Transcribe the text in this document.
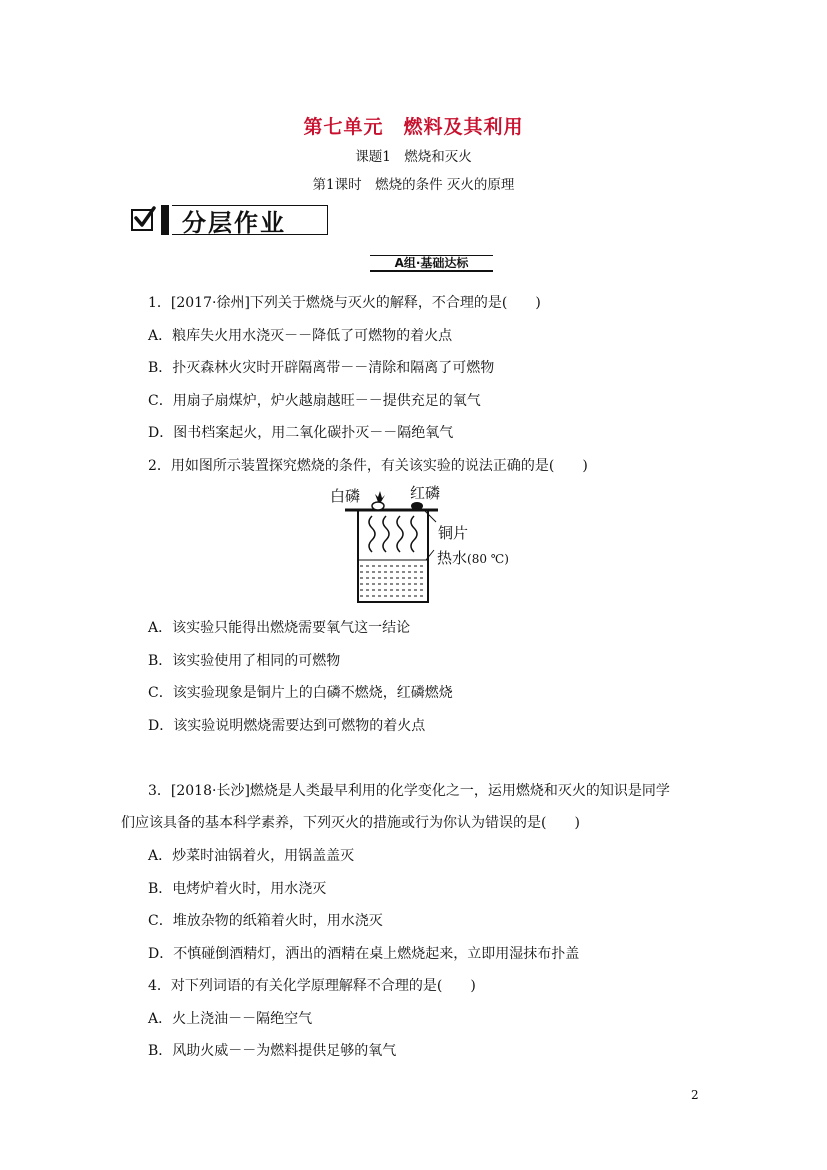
第七单元 燃料及其利用
课题1　燃烧和灭火
第1课时　燃烧的条件 灭火的原理
分层作业
A组·基础达标
1．[2017·徐州]下列关于燃烧与灭火的解释，不合理的是(　　)
A．粮库失火用水浇灭－－降低了可燃物的着火点
B．扑灭森林火灾时开辟隔离带－－清除和隔离了可燃物
C．用扇子扇煤炉，炉火越扇越旺－－提供充足的氧气
D．图书档案起火，用二氧化碳扑灭－－隔绝氧气
2．用如图所示装置探究燃烧的条件，有关该实验的说法正确的是(　　)
白磷	红磷
铜片
热水(80 ℃)
A．该实验只能得出燃烧需要氧气这一结论
B．该实验使用了相同的可燃物
C．该实验现象是铜片上的白磷不燃烧，红磷燃烧
D．该实验说明燃烧需要达到可燃物的着火点
3．[2018·长沙]燃烧是人类最早利用的化学变化之一，运用燃烧和灭火的知识是同学
们应该具备的基本科学素养，下列灭火的措施或行为你认为错误的是(　　)
A．炒菜时油锅着火，用锅盖盖灭
B．电烤炉着火时，用水浇灭
C．堆放杂物的纸箱着火时，用水浇灭
D．不慎碰倒酒精灯，洒出的酒精在桌上燃烧起来，立即用湿抹布扑盖
4．对下列词语的有关化学原理解释不合理的是(　　)
A．火上浇油－－隔绝空气
B．风助火威－－为燃料提供足够的氧气
2
